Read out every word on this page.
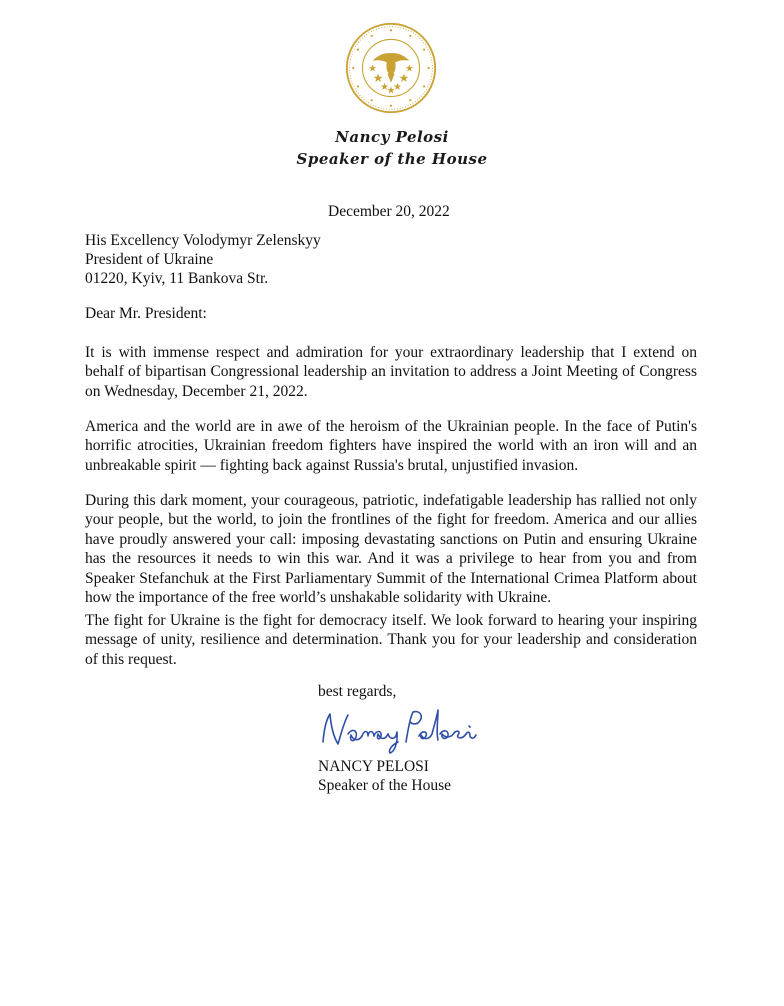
Nancy Pelosi
Speaker of the House
December 20, 2022
His Excellency Volodymyr Zelenskyy
President of Ukraine
01220, Kyiv, 11 Bankova Str.
Dear Mr. President:

It is with immense respect and admiration for your extraordinary leadership that I extend on behalf of bipartisan Congressional leadership an invitation to address a Joint Meeting of Congress on Wednesday, December 21, 2022.

America and the world are in awe of the heroism of the Ukrainian people. In the face of Putin's horrific atrocities, Ukrainian freedom fighters have inspired the world with an iron will and an unbreakable spirit — fighting back against Russia's brutal, unjustified invasion.

During this dark moment, your courageous, patriotic, indefatigable leadership has rallied not only your people, but the world, to join the frontlines of the fight for freedom. America and our allies have proudly answered your call: imposing devastating sanctions on Putin and ensuring Ukraine has the resources it needs to win this war. And it was a privilege to hear from you and from Speaker Stefanchuk at the First Parliamentary Summit of the International Crimea Platform about how the importance of the free world’s unshakable solidarity with Ukraine.

The fight for Ukraine is the fight for democracy itself. We look forward to hearing your inspiring message of unity, resilience and determination. Thank you for your leadership and consideration of this request.

best regards,
NANCY PELOSI
Speaker of the House
